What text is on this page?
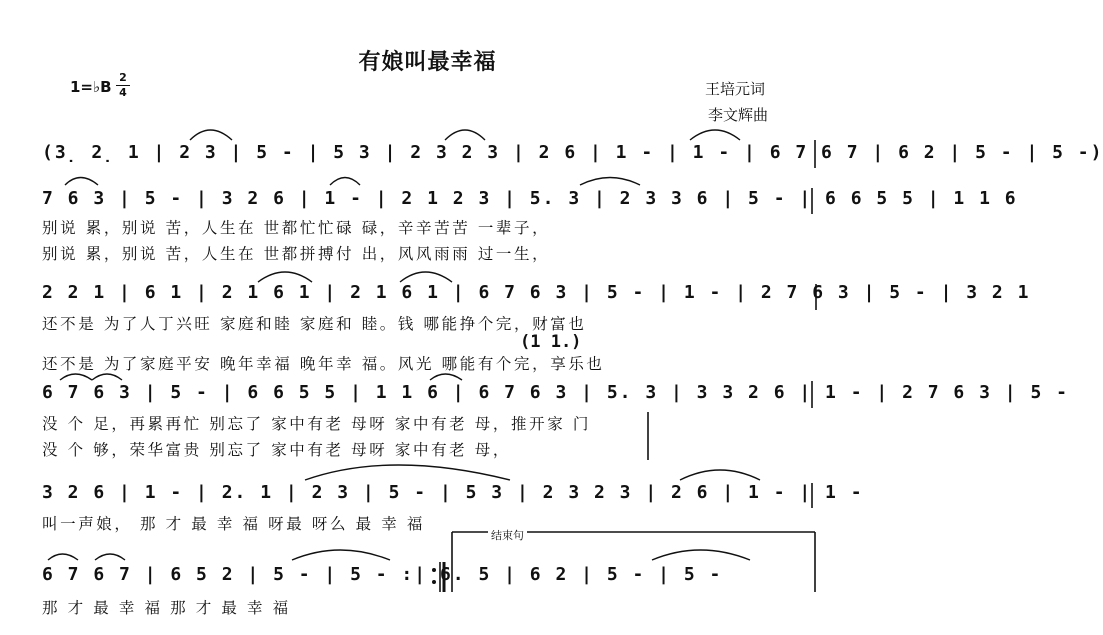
有娘叫最幸福
王培元词
李文辉曲
1=♭B
2
4
(3̣ 2̣ 1 | 2 3 | 5 - | 5 3 | 2 3 2 3 | 2 6 | 1 - | 1 - | 6 7 6 7 | 6 2 | 5 - | 5 -)
7 6 3 | 5 - | 3 2 6 | 1 - | 2 1 2 3 | 5. 3 | 2 3 3 6 | 5 - | 6 6 5 5 | 1 1 6
别说 累，别说 苦，人生在 世都忙忙碌 碌，辛辛苦苦 一辈子，
别说 累，别说 苦，人生在 世都拼搏付 出，风风雨雨 过一生，
2 2 1 | 6 1 | 2 1 6 1 | 2 1 6 1 | 6 7 6 3 | 5 - | 1 - | 2 7 6 3 | 5 - | 3 2 1
还不是 为了人丁兴旺 家庭和睦 家庭和 睦。钱 哪能挣个完，财富也
(1 1.)
还不是 为了家庭平安 晚年幸福 晚年幸 福。风光 哪能有个完，享乐也
6 7 6 3 | 5 - | 6 6 5 5 | 1 1 6 | 6 7 6 3 | 5. 3 | 3 3 2 6 | 1 - | 2 7 6 3 | 5 -
没 个 足，再累再忙 别忘了 家中有老 母呀 家中有老 母，推开家 门
没 个 够，荣华富贵 别忘了 家中有老 母呀 家中有老 母，
3 2 6 | 1 - | 2. 1 | 2 3 | 5 - | 5 3 | 2 3 2 3 | 2 6 | 1 - | 1 -
叫一声娘， 那 才 最 幸 福 呀最 呀么 最 幸 福
结束句
6 7 6 7 | 6 5 2 | 5 - | 5 - :| 6. 5 | 6 2 | 5 - | 5 -
那 才 最 幸 福 那 才 最 幸 福
